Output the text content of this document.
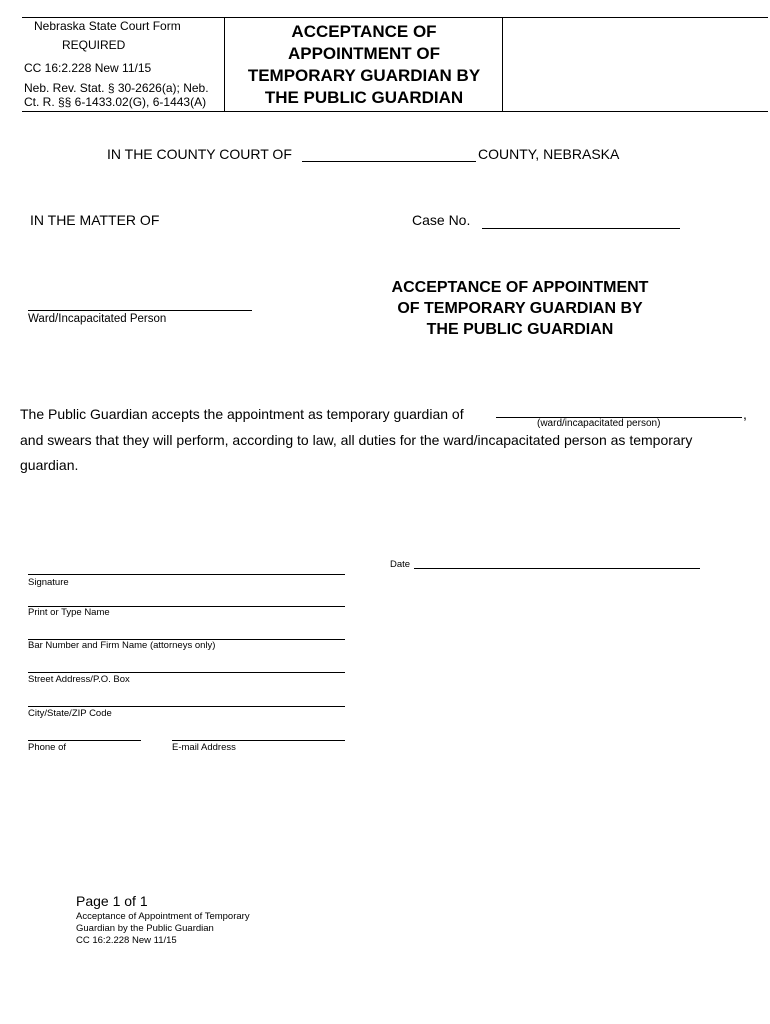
Nebraska State Court Form
REQUIRED
CC 16:2.228 New 11/15
Neb. Rev. Stat. § 30-2626(a); Neb.
Ct. R. §§ 6-1433.02(G), 6-1443(A)
ACCEPTANCE OF
APPOINTMENT OF
TEMPORARY GUARDIAN BY
THE PUBLIC GUARDIAN
IN THE COUNTY COURT OF	COUNTY, NEBRASKA
IN THE MATTER OF	Case No.
Ward/Incapacitated Person
ACCEPTANCE OF APPOINTMENT
OF TEMPORARY GUARDIAN BY
THE PUBLIC GUARDIAN
The Public Guardian accepts the appointment as temporary guardian of	,
(ward/incapacitated person)
and swears that they will perform, according to law, all duties for the ward/incapacitated person as temporary
guardian.
Date
Signature
Print or Type Name
Bar Number and Firm Name (attorneys only)
Street Address/P.O. Box
City/State/ZIP Code
Phone of	E-mail Address
Page 1 of 1
Acceptance of Appointment of Temporary
Guardian by the Public Guardian
CC 16:2.228 New 11/15
